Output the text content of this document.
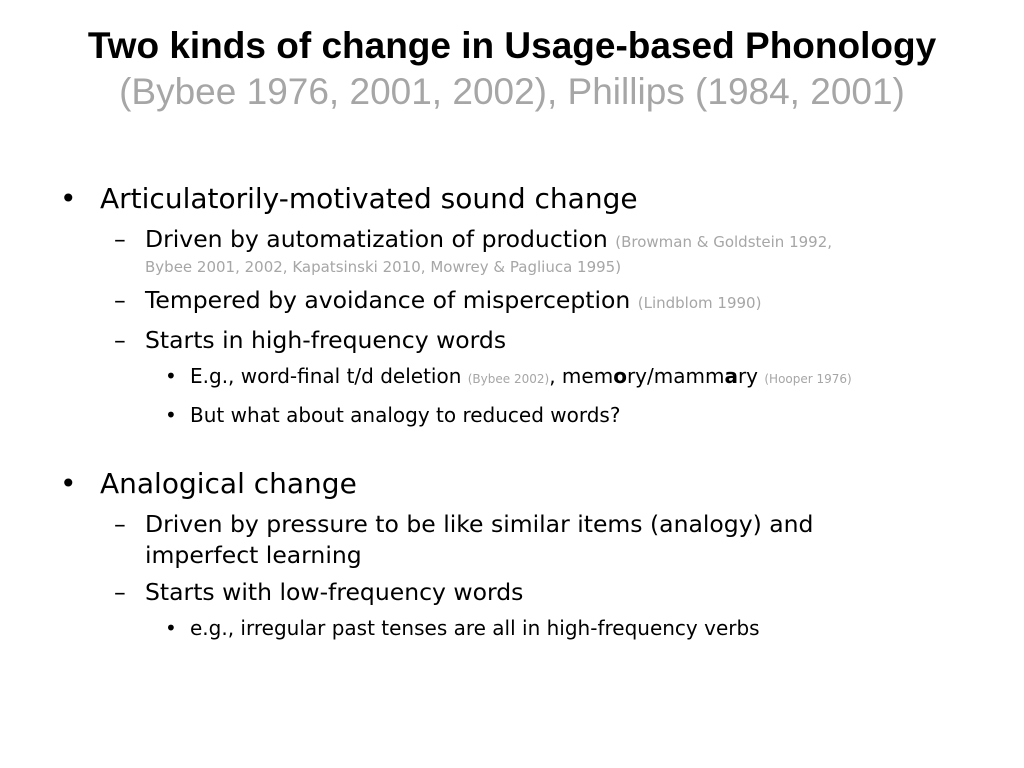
Two kinds of change in Usage-based Phonology
(Bybee 1976, 2001, 2002), Phillips (1984, 2001)
• Articulatorily-motivated sound change
– Driven by automatization of production (Browman & Goldstein 1992,
Bybee 2001, 2002, Kapatsinski 2010, Mowrey & Pagliuca 1995)
– Tempered by avoidance of misperception (Lindblom 1990)
– Starts in high-frequency words
• E.g., word-final t/d deletion (Bybee 2002), memory/mammary (Hooper 1976)
• But what about analogy to reduced words?
• Analogical change
– Driven by pressure to be like similar items (analogy) and
imperfect learning
– Starts with low-frequency words
• e.g., irregular past tenses are all in high-frequency verbs
